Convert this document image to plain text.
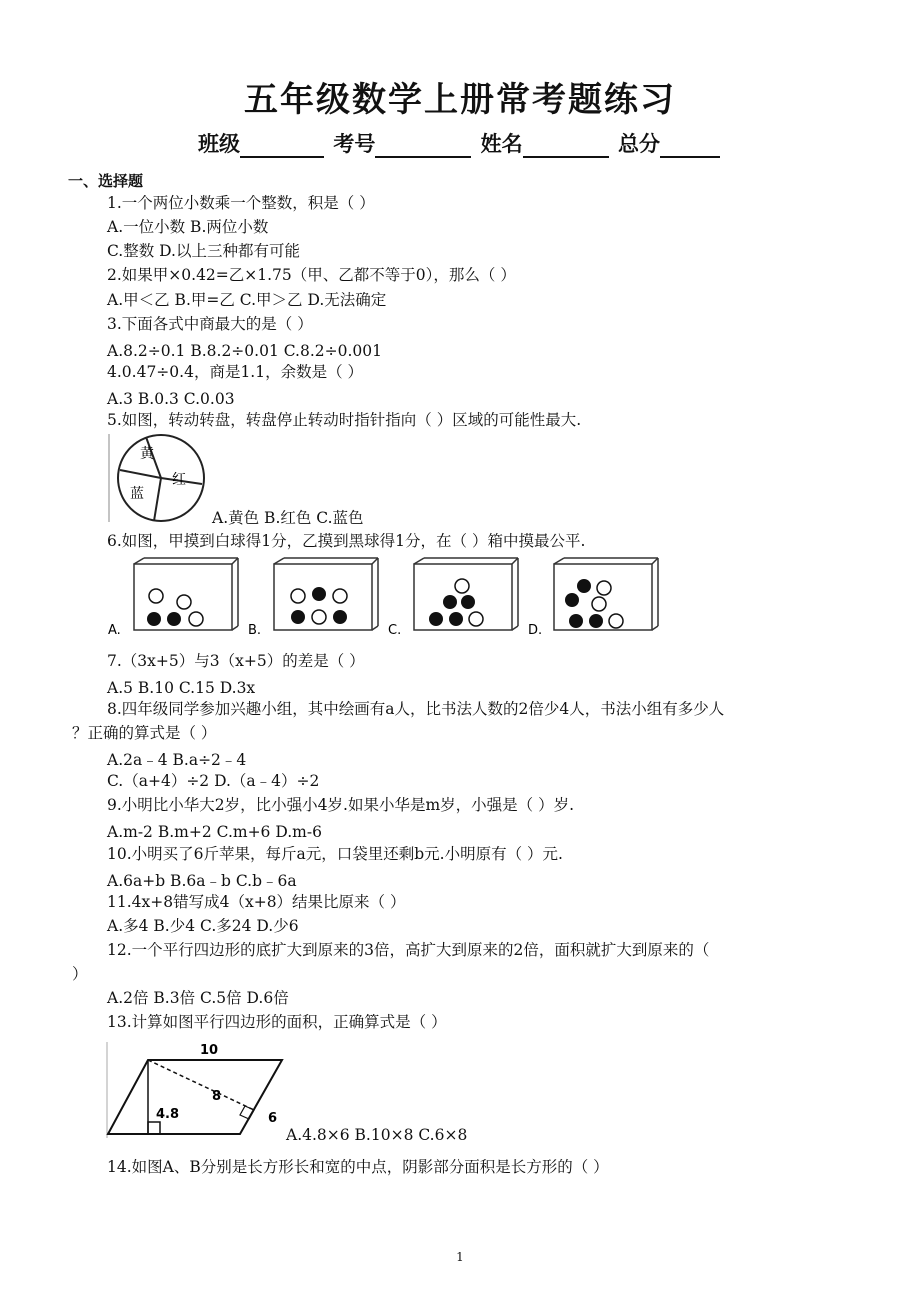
五年级数学上册常考题练习
班级	考号	姓名	总分
一、选择题
1.一个两位小数乘一个整数，积是（ ）
A.一位小数 B.两位小数
C.整数 D.以上三种都有可能
2.如果甲×0.42=乙×1.75（甲、乙都不等于0），那么（ ）
A.甲＜乙 B.甲=乙 C.甲＞乙 D.无法确定
3.下面各式中商最大的是（ ）
A.8.2÷0.1 B.8.2÷0.01 C.8.2÷0.001
4.0.47÷0.4，商是1.1，余数是（ ）
A.3 B.0.3 C.0.03
5.如图，转动转盘，转盘停止转动时指针指向（ ）区域的可能性最大.
黄
红
蓝
A.黄色 B.红色 C.蓝色
6.如图，甲摸到白球得1分，乙摸到黑球得1分，在（ ）箱中摸最公平.
A.	B.	C.	D.
7.（3x+5）与3（x+5）的差是（ ）
A.5 B.10 C.15 D.3x
8.四年级同学参加兴趣小组，其中绘画有a人，比书法人数的2倍少4人，书法小组有多少人
？正确的算式是（ ）
A.2a﹣4 B.a÷2﹣4
C.（a+4）÷2 D.（a﹣4）÷2
9.小明比小华大2岁，比小强小4岁.如果小华是m岁，小强是（ ）岁.
A.m-2 B.m+2 C.m+6 D.m-6
10.小明买了6斤苹果，每斤a元，口袋里还剩b元.小明原有（ ）元.
A.6a+b B.6a﹣b C.b﹣6a
11.4x+8错写成4（x+8）结果比原来（ ）
A.多4 B.少4 C.多24 D.少6
12.一个平行四边形的底扩大到原来的3倍，高扩大到原来的2倍，面积就扩大到原来的（
）
A.2倍 B.3倍 C.5倍 D.6倍
13.计算如图平行四边形的面积，正确算式是（ ）
10
4.8
8
6
A.4.8×6 B.10×8 C.6×8
14.如图A、B分别是长方形长和宽的中点，阴影部分面积是长方形的（ ）
1
